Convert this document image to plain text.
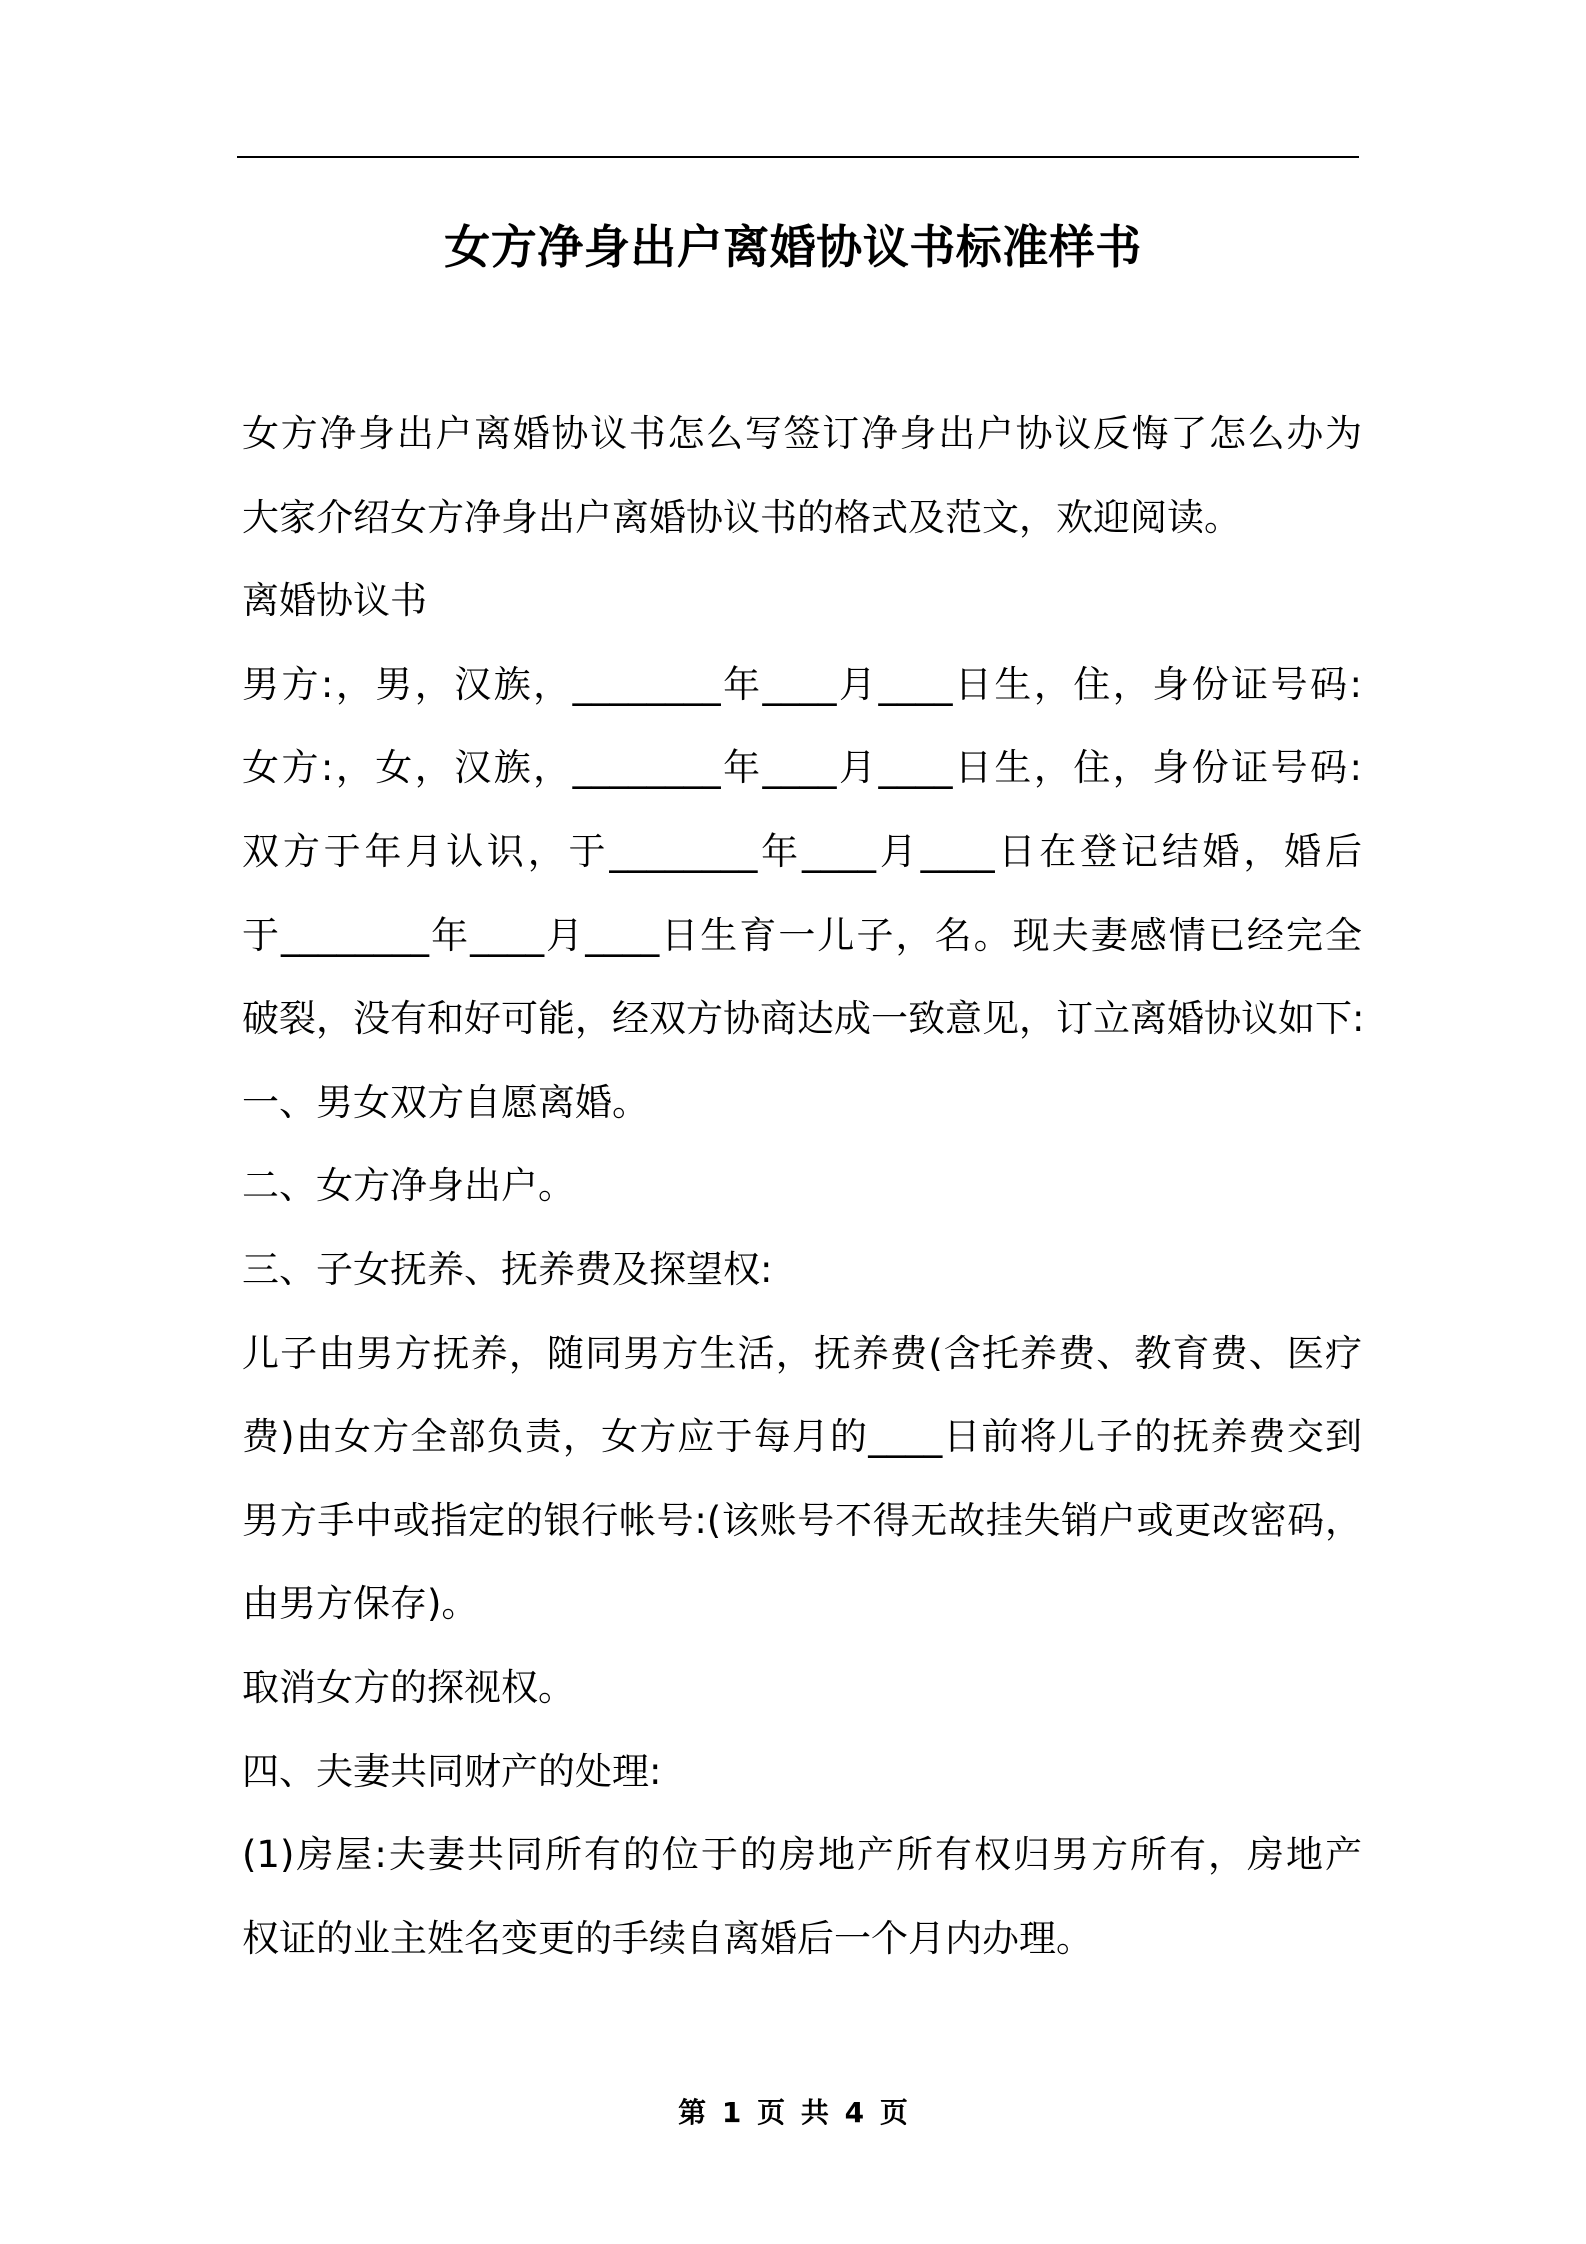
女方净身出户离婚协议书标准样书
女方净身出户离婚协议书怎么写签订净身出户协议反悔了怎么办为
大家介绍女方净身出户离婚协议书的格式及范文，欢迎阅读。
离婚协议书
男方:，男，汉族，________年____月____日生，住，身份证号码:
女方:，女，汉族，________年____月____日生，住，身份证号码:
双方于年月认识，于________年____月____日在登记结婚，婚后
于________年____月____日生育一儿子，名。现夫妻感情已经完全
破裂，没有和好可能，经双方协商达成一致意见，订立离婚协议如下:
一、男女双方自愿离婚。
二、女方净身出户。
三、子女抚养、抚养费及探望权:
儿子由男方抚养，随同男方生活，抚养费(含托养费、教育费、医疗
费)由女方全部负责，女方应于每月的____日前将儿子的抚养费交到
男方手中或指定的银行帐号:(该账号不得无故挂失销户或更改密码，
由男方保存)。
取消女方的探视权。
四、夫妻共同财产的处理:
(1)房屋:夫妻共同所有的位于的房地产所有权归男方所有，房地产
权证的业主姓名变更的手续自离婚后一个月内办理。
第 1 页 共 4 页
